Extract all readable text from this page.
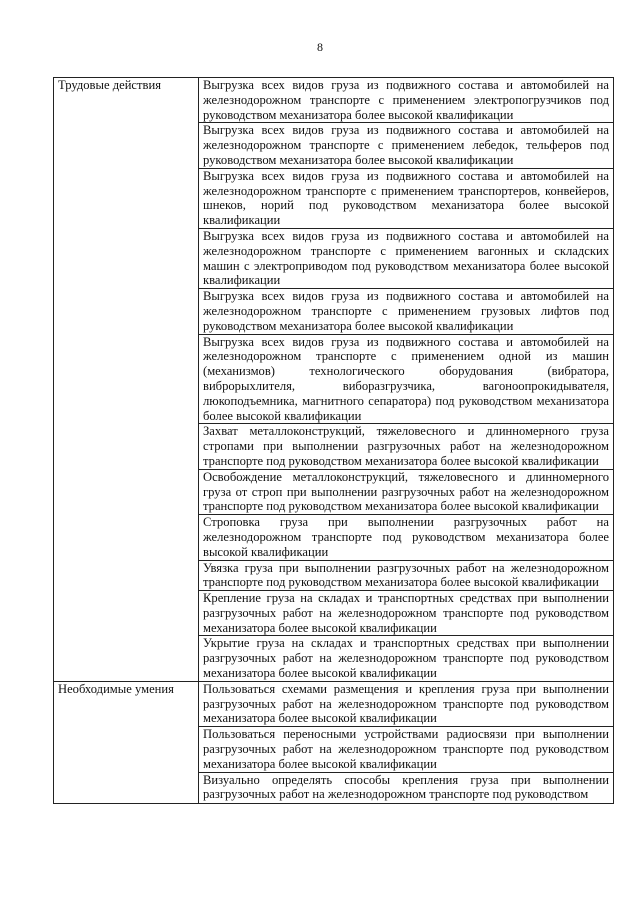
8
Трудовые действия	Выгрузка всех видов груза из подвижного состава и автомобилей на железнодорожном транспорте с применением электропогрузчиков под руководством механизатора более высокой квалификации
	Выгрузка всех видов груза из подвижного состава и автомобилей на железнодорожном транспорте с применением лебедок, тельферов под руководством механизатора более высокой квалификации
	Выгрузка всех видов груза из подвижного состава и автомобилей на железнодорожном транспорте с применением транспортеров, конвейеров, шнеков, норий под руководством механизатора более высокой квалификации
	Выгрузка всех видов груза из подвижного состава и автомобилей на железнодорожном транспорте с применением вагонных и складских машин с электроприводом под руководством механизатора более высокой квалификации
	Выгрузка всех видов груза из подвижного состава и автомобилей на железнодорожном транспорте с применением грузовых лифтов под руководством механизатора более высокой квалификации
	Выгрузка всех видов груза из подвижного состава и автомобилей на железнодорожном транспорте с применением одной из машин (механизмов) технологического оборудования (вибратора, виброрыхлителя, виборазгрузчика, вагоноопрокидывателя, люкоподъемника, магнитного сепаратора) под руководством механизатора более высокой квалификации
	Захват металлоконструкций, тяжеловесного и длинномерного груза стропами при выполнении разгрузочных работ на железнодорожном транспорте под руководством механизатора более высокой квалификации
	Освобождение металлоконструкций, тяжеловесного и длинномерного груза от строп при выполнении разгрузочных работ на железнодорожном транспорте под руководством механизатора более высокой квалификации
	Строповка груза при выполнении разгрузочных работ на железнодорожном транспорте под руководством механизатора более высокой квалификации
	Увязка груза при выполнении разгрузочных работ на железнодорожном транспорте под руководством механизатора более высокой квалификации
	Крепление груза на складах и транспортных средствах при выполнении разгрузочных работ на железнодорожном транспорте под руководством механизатора более высокой квалификации
	Укрытие груза на складах и транспортных средствах при выполнении разгрузочных работ на железнодорожном транспорте под руководством механизатора более высокой квалификации
Необходимые умения	Пользоваться схемами размещения и крепления груза при выполнении разгрузочных работ на железнодорожном транспорте под руководством механизатора более высокой квалификации
	Пользоваться переносными устройствами радиосвязи при выполнении разгрузочных работ на железнодорожном транспорте под руководством механизатора более высокой квалификации

	Визуально определять способы крепления груза при выполнении разгрузочных работ на железнодорожном транспорте под руководством
